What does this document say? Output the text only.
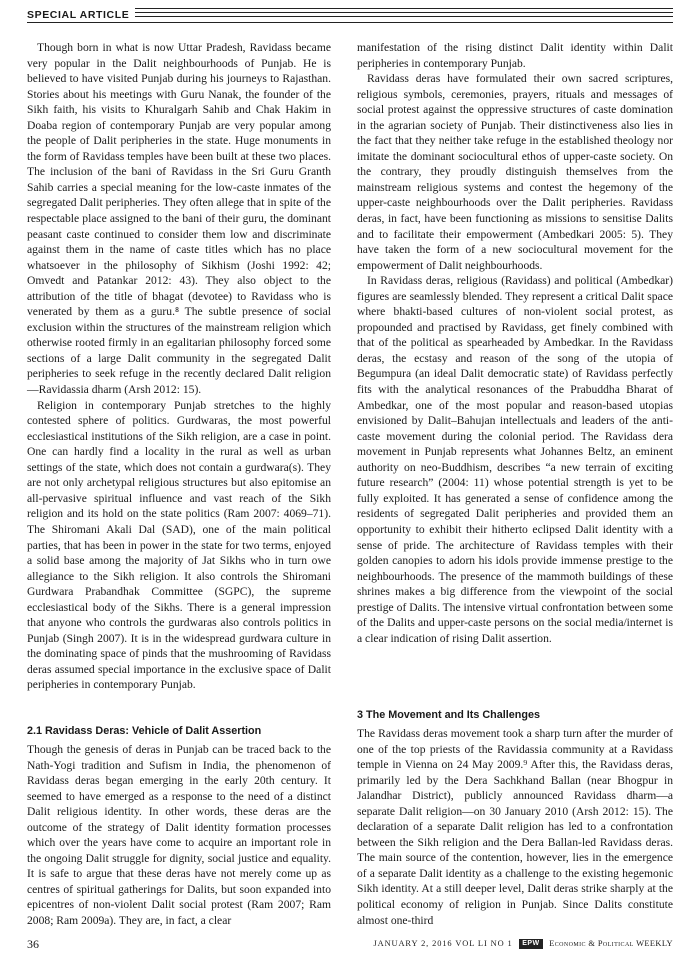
SPECIAL ARTICLE

Though born in what is now Uttar Pradesh, Ravidass became very popular in the Dalit neighbourhoods of Punjab. He is believed to have visited Punjab during his journeys to Rajasthan. Stories about his meetings with Guru Nanak, the founder of the Sikh faith, his visits to Khuralgarh Sahib and Chak Hakim in Doaba region of contemporary Punjab are very popular among the people of Dalit peripheries in the state. Huge monuments in the form of Ravidass temples have been built at these two places. The inclusion of the bani of Ravidass in the Sri Guru Granth Sahib carries a special meaning for the low-caste inmates of the segregated Dalit peripheries. They often allege that in spite of the respectable place assigned to the bani of their guru, the dominant peasant caste continued to consider them low and discriminate against them in the name of caste titles which has no place whatsoever in the philosophy of Sikhism (Joshi 1992: 42; Omvedt and Patankar 2012: 43). They also object to the attribution of the title of bhagat (devotee) to Ravidass who is venerated by them as a guru.⁸ The subtle presence of social exclusion within the structures of the mainstream religion which otherwise rooted firmly in an egalitarian philosophy forced some sections of a large Dalit community in the segregated Dalit peripheries to seek refuge in the recently declared Dalit religion—Ravidassia dharm (Arsh 2012: 15).

Religion in contemporary Punjab stretches to the highly contested sphere of politics. Gurdwaras, the most powerful ecclesiastical institutions of the Sikh religion, are a case in point. One can hardly find a locality in the rural as well as urban settings of the state, which does not contain a gurdwara(s). They are not only archetypal religious structures but also epitomise an all-pervasive spiritual influence and vast reach of the Sikh religion and its hold on the state politics (Ram 2007: 4069–71). The Shiromani Akali Dal (SAD), one of the main political parties, that has been in power in the state for two terms, enjoyed a solid base among the majority of Jat Sikhs who in turn owe allegiance to the Sikh religion. It also controls the Shiromani Gurdwara Prabandhak Committee (SGPC), the supreme ecclesiastical body of the Sikhs. There is a general impression that anyone who controls the gurdwaras also controls politics in Punjab (Singh 2007). It is in the widespread gurdwara culture in the dominating space of pinds that the mushrooming of Ravidass deras assumed special importance in the exclusive space of Dalit peripheries in contemporary Punjab.

2.1 Ravidass Deras: Vehicle of Dalit Assertion

Though the genesis of deras in Punjab can be traced back to the Nath-Yogi tradition and Sufism in India, the phenomenon of Ravidass deras began emerging in the early 20th century. It seemed to have emerged as a response to the need of a distinct Dalit religious identity. In other words, these deras are the outcome of the strategy of Dalit identity formation processes which over the years have come to acquire an important role in the ongoing Dalit struggle for dignity, social justice and equality. It is safe to argue that these deras have not merely come up as centres of spiritual gatherings for Dalits, but soon expanded into epicentres of non-violent Dalit social protest (Ram 2007; Ram 2008; Ram 2009a). They are, in fact, a clear

manifestation of the rising distinct Dalit identity within Dalit peripheries in contemporary Punjab.

Ravidass deras have formulated their own sacred scriptures, religious symbols, ceremonies, prayers, rituals and messages of social protest against the oppressive structures of caste domination in the agrarian society of Punjab. Their distinctiveness also lies in the fact that they neither take refuge in the established theology nor imitate the dominant sociocultural ethos of upper-caste society. On the contrary, they proudly distinguish themselves from the mainstream religious systems and contest the hegemony of the upper-caste neighbourhoods over the Dalit peripheries. Ravidass deras, in fact, have been functioning as missions to sensitise Dalits and to facilitate their empowerment (Ambedkari 2005: 5). They have taken the form of a new sociocultural movement for the empowerment of Dalit neighbourhoods.

In Ravidass deras, religious (Ravidass) and political (Ambedkar) figures are seamlessly blended. They represent a critical Dalit space where bhakti-based cultures of non-violent social protest, as propounded and practised by Ravidass, get finely combined with that of the political as spearheaded by Ambedkar. In the Ravidass deras, the ecstasy and reason of the song of the utopia of Begumpura (an ideal Dalit democratic state) of Ravidass perfectly fits with the analytical resonances of the Prabuddha Bharat of Ambedkar, one of the most popular and reason-based utopias envisioned by Dalit–Bahujan intellectuals and leaders of the anti-caste movement during the colonial period. The Ravidass dera movement in Punjab represents what Johannes Beltz, an eminent authority on neo-Buddhism, describes “a new terrain of exciting future research” (2004: 11) whose potential strength is yet to be fully exploited. It has generated a sense of confidence among the residents of segregated Dalit peripheries and provided them an opportunity to exhibit their hitherto eclipsed Dalit identity with a sense of pride. The architecture of Ravidass temples with their golden canopies to adorn his idols provide immense prestige to the neighbourhoods. The presence of the mammoth buildings of these shrines makes a big difference from the viewpoint of the social prestige of Dalits. The intensive virtual confrontation between some of the Dalits and upper-caste persons on the social media/internet is a clear indication of rising Dalit assertion.

3 The Movement and Its Challenges

The Ravidass deras movement took a sharp turn after the murder of one of the top priests of the Ravidassia community at a Ravidass temple in Vienna on 24 May 2009.⁹ After this, the Ravidass deras, primarily led by the Dera Sachkhand Ballan (near Bhogpur in Jalandhar District), publicly announced Ravidass dharm—a separate Dalit religion—on 30 January 2010 (Arsh 2012: 15). The declaration of a separate Dalit religion has led to a confrontation between the Sikh religion and the Dera Ballan-led Ravidass deras. The main source of the contention, however, lies in the emergence of a separate Dalit identity as a challenge to the existing hegemonic Sikh identity. At a still deeper level, Dalit deras strike sharply at the political economy of religion in Punjab. Since Dalits constitute almost one-third

36	JANUARY 2, 2016 VOL LI NO 1 EPW Economic & Political WEEKLY
